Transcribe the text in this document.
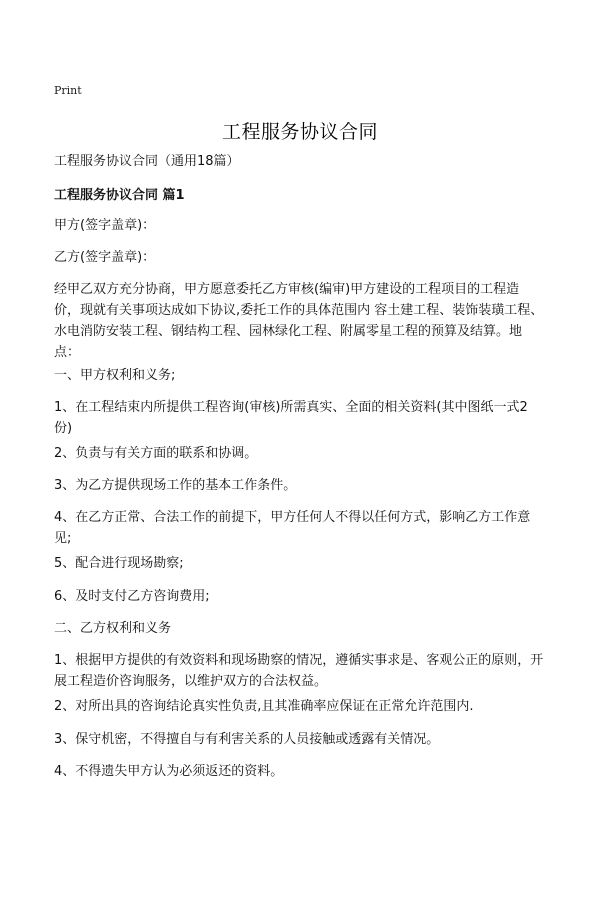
Print
工程服务协议合同

工程服务协议合同（通用18篇）

工程服务协议合同 篇1

甲方(签字盖章)：

乙方(签字盖章)：

经甲乙双方充分协商，甲方愿意委托乙方审核(编审)甲方建设的工程项目的工程造价，现就有关事项达成如下协议,委托工作的具体范围内 容土建工程、装饰装璜工程、水电消防安装工程、钢结构工程、园林绿化工程、附属零星工程的预算及结算。地 点：

一、甲方权利和义务;

1、在工程结束内所提供工程咨询(审核)所需真实、全面的相关资料(其中图纸一式2 份)

2、负责与有关方面的联系和协调。

3、为乙方提供现场工作的基本工作条件。

4、在乙方正常、合法工作的前提下，甲方任何人不得以任何方式，影响乙方工作意见;

5、配合进行现场勘察;

6、及时支付乙方咨询费用;

二、乙方权利和义务

1、根据甲方提供的有效资料和现场勘察的情况，遵循实事求是、客观公正的原则，开展工程造价咨询服务，以维护双方的合法权益。

2、对所出具的咨询结论真实性负责,且其准确率应保证在正常允许范围内.

3、保守机密，不得擅自与有利害关系的人员接触或透露有关情况。

4、不得遗失甲方认为必须返还的资料。
